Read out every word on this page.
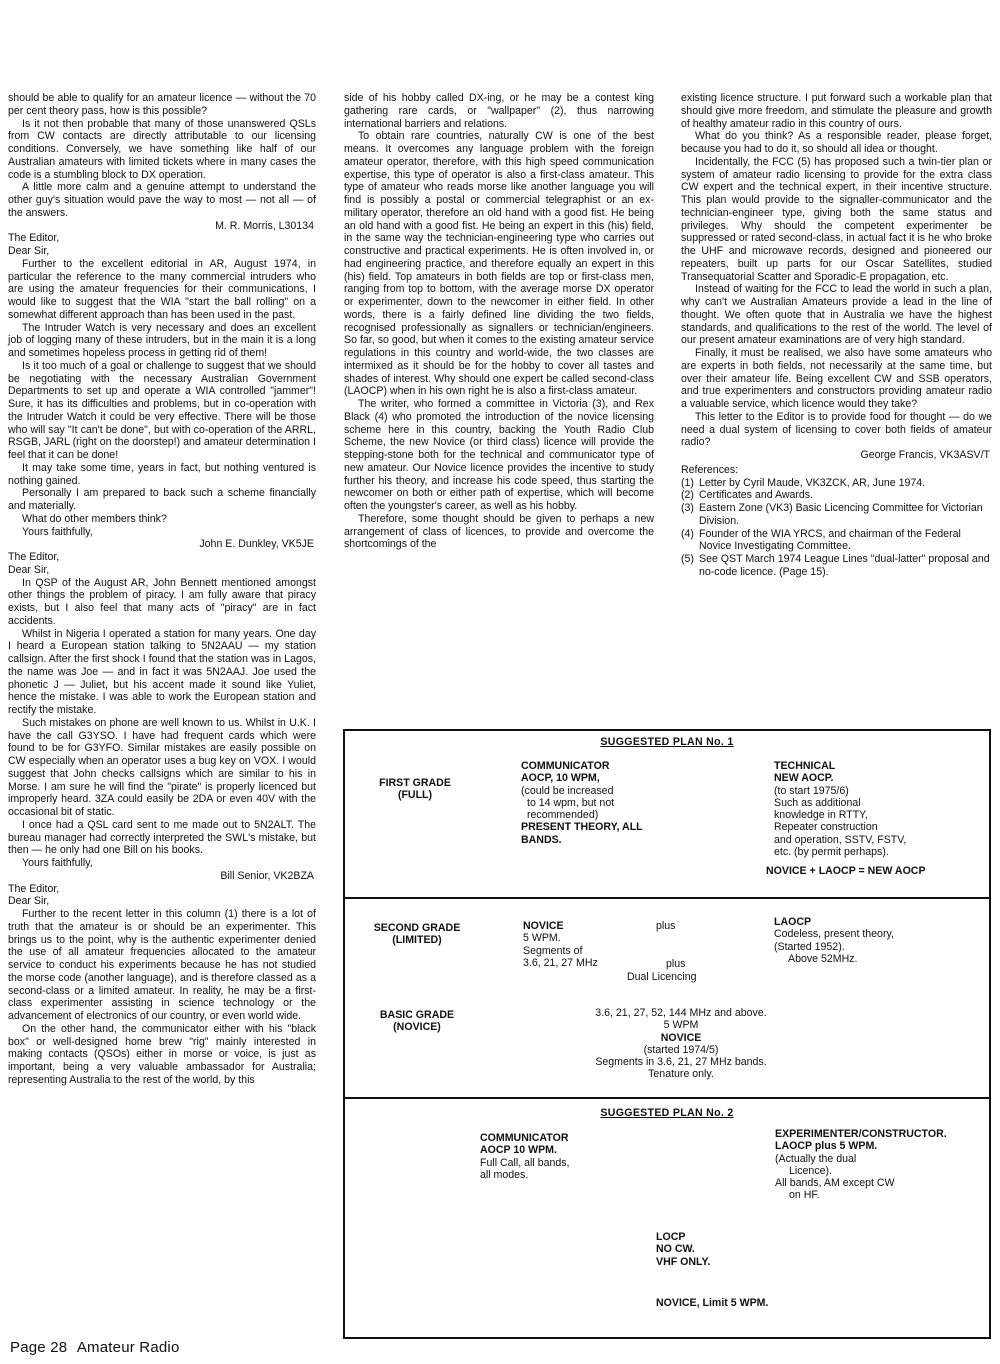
should be able to qualify for an amateur licence — without the 70 per cent theory pass, how is this possible?

Is it not then probable that many of those unanswered QSLs from CW contacts are directly attributable to our licensing conditions. Conversely, we have something like half of our Australian amateurs with limited tickets where in many cases the code is a stumbling block to DX operation.

A little more calm and a genuine attempt to understand the other guy's situation would pave the way to most — not all — of the answers.

M. R. Morris, L30134

The Editor,

Dear Sir,

Further to the excellent editorial in AR, August 1974, in particular the reference to the many commercial intruders who are using the amateur frequencies for their communications, I would like to suggest that the WIA "start the ball rolling" on a somewhat different approach than has been used in the past.

The Intruder Watch is very necessary and does an excellent job of logging many of these intruders, but in the main it is a long and sometimes hopeless process in getting rid of them!

Is it too much of a goal or challenge to suggest that we should be negotiating with the necessary Australian Government Departments to set up and operate a WIA controlled "jammer"! Sure, it has its difficulties and problems, but in co-operation with the Intruder Watch it could be very effective. There will be those who will say "It can't be done", but with co-operation of the ARRL, RSGB, JARL (right on the doorstep!) and amateur determination I feel that it can be done!

It may take some time, years in fact, but nothing ventured is nothing gained.

Personally I am prepared to back such a scheme financially and materially.

What do other members think?

Yours faithfully,

John E. Dunkley, VK5JE

The Editor,

Dear Sir,

In QSP of the August AR, John Bennett mentioned amongst other things the problem of piracy. I am fully aware that piracy exists, but I also feel that many acts of "piracy" are in fact accidents.

Whilst in Nigeria I operated a station for many years. One day I heard a European station talking to 5N2AAU — my station callsign. After the first shock I found that the station was in Lagos, the name was Joe — and in fact it was 5N2AAJ. Joe used the phonetic J — Juliet, but his accent made it sound like Yuliet, hence the mistake. I was able to work the European station and rectify the mistake.

Such mistakes on phone are well known to us. Whilst in U.K. I have the call G3YSO. I have had frequent cards which were found to be for G3YFO. Similar mistakes are easily possible on CW especially when an operator uses a bug key on VOX. I would suggest that John checks callsigns which are similar to his in Morse. I am sure he will find the "pirate" is properly licenced but improperly heard. 3ZA could easily be 2DA or even 40V with the occasional bit of static.

I once had a QSL card sent to me made out to 5N2ALT. The bureau manager had correctly interpreted the SWL's mistake, but then — he only had one Bill on his books.

Yours faithfully,

Bill Senior, VK2BZA

The Editor,

Dear Sir,

Further to the recent letter in this column (1) there is a lot of truth that the amateur is or should be an experimenter. This brings us to the point, why is the authentic experimenter denied the use of all amateur frequencies allocated to the amateur service to conduct his experiments because he has not studied the morse code (another language), and is therefore classed as a second-class or a limited amateur. In reality, he may be a first-class experimenter assisting in science technology or the advancement of electronics of our country, or even world wide.

On the other hand, the communicator either with his "black box" or well-designed home brew "rig" mainly interested in making contacts (QSOs) either in morse or voice, is just as important, being a very valuable ambassador for Australia; representing Australia to the rest of the world, by this

side of his hobby called DX-ing, or he may be a contest king gathering rare cards, or "wallpaper" (2), thus narrowing international barriers and relations.

To obtain rare countries, naturally CW is one of the best means. It overcomes any language problem with the foreign amateur operator, therefore, with this high speed communication expertise, this type of operator is also a first-class amateur. This type of amateur who reads morse like another language you will find is possibly a postal or commercial telegraphist or an ex-military operator, therefore an old hand with a good fist. He being an old hand with a good fist. He being an expert in this (his) field, in the same way the technician-engineering type who carries out constructive and practical experiments. He is often involved in, or had engineering practice, and therefore equally an expert in this (his) field. Top amateurs in both fields are top or first-class men, ranging from top to bottom, with the average morse DX operator or experimenter, down to the newcomer in either field. In other words, there is a fairly defined line dividing the two fields, recognised professionally as signallers or technician/engineers. So far, so good, but when it comes to the existing amateur service regulations in this country and world-wide, the two classes are intermixed as it should be for the hobby to cover all tastes and shades of interest. Why should one expert be called second-class (LAOCP) when in his own right he is also a first-class amateur.

The writer, who formed a committee in Victoria (3), and Rex Black (4) who promoted the introduction of the novice licensing scheme here in this country, backing the Youth Radio Club Scheme, the new Novice (or third class) licence will provide the stepping-stone both for the technical and communicator type of new amateur. Our Novice licence provides the incentive to study further his theory, and increase his code speed, thus starting the newcomer on both or either path of expertise, which will become often the youngster's career, as well as his hobby.

Therefore, some thought should be given to perhaps a new arrangement of class of licences, to provide and overcome the shortcomings of the

existing licence structure. I put forward such a workable plan that should give more freedom, and stimulate the pleasure and growth of healthy amateur radio in this country of ours.

What do you think? As a responsible reader, please forget, because you had to do it, so should all idea or thought.

Incidentally, the FCC (5) has proposed such a twin-tier plan or system of amateur radio licensing to provide for the extra class CW expert and the technical expert, in their incentive structure. This plan would provide to the signaller-communicator and the technician-engineer type, giving both the same status and privileges. Why should the competent experimenter be suppressed or rated second-class, in actual fact it is he who broke the UHF and microwave records, designed and pioneered our repeaters, built up parts for our Oscar Satellites, studied Transequatorial Scatter and Sporadic-E propagation, etc.

Instead of waiting for the FCC to lead the world in such a plan, why can't we Australian Amateurs provide a lead in the line of thought. We often quote that in Australia we have the highest standards, and qualifications to the rest of the world. The level of our present amateur examinations are of very high standard.

Finally, it must be realised, we also have some amateurs who are experts in both fields, not necessarily at the same time, but over their amateur life. Being excellent CW and SSB operators, and true experimenters and constructors providing amateur radio a valuable service, which licence would they take?

This letter to the Editor is to provide food for thought — do we need a dual system of licensing to cover both fields of amateur radio?

George Francis, VK3ASV/T

References:

(1) Letter by Cyril Maude, VK3ZCK, AR, June 1974.
(2) Certificates and Awards.
(3) Eastern Zone (VK3) Basic Licencing Committee for Victorian Division.
(4) Founder of the WIA YRCS, and chairman of the Federal Novice Investigating Committee.
(5) See QST March 1974 League Lines "dual-latter" proposal and no-code licence. (Page 15).
SUGGESTED PLAN No. 1
FIRST GRADE
(FULL)
COMMUNICATOR
AOCP, 10 WPM,
(could be increased
to 14 wpm, but not
recommended)
PRESENT THEORY, ALL
BANDS.
TECHNICAL
NEW AOCP.
(to start 1975/6)
Such as additional
knowledge in RTTY,
Repeater construction
and operation, SSTV, FSTV,
etc. (by permit perhaps).
NOVICE + LAOCP = NEW AOCP
SECOND GRADE
(LIMITED)
NOVICE
5 WPM.
Segments of
3.6, 21, 27 MHz
plus
plus
Dual Licencing
LAOCP
Codeless, present theory,
(Started 1952).
Above 52MHz.
BASIC GRADE
(NOVICE)
3.6, 21, 27, 52, 144 MHz and above.
5 WPM
NOVICE
(started 1974/5)
Segments in 3.6, 21, 27 MHz bands.
Tenature only.
SUGGESTED PLAN No. 2
COMMUNICATOR
AOCP 10 WPM.
Full Call, all bands,
all modes.
EXPERIMENTER/CONSTRUCTOR.
LAOCP plus 5 WPM.
(Actually the dual
Licence).
All bands, AM except CW
on HF.
LOCP
NO CW.
VHF ONLY.
NOVICE, Limit 5 WPM.
Page 28 Amateur Radio
